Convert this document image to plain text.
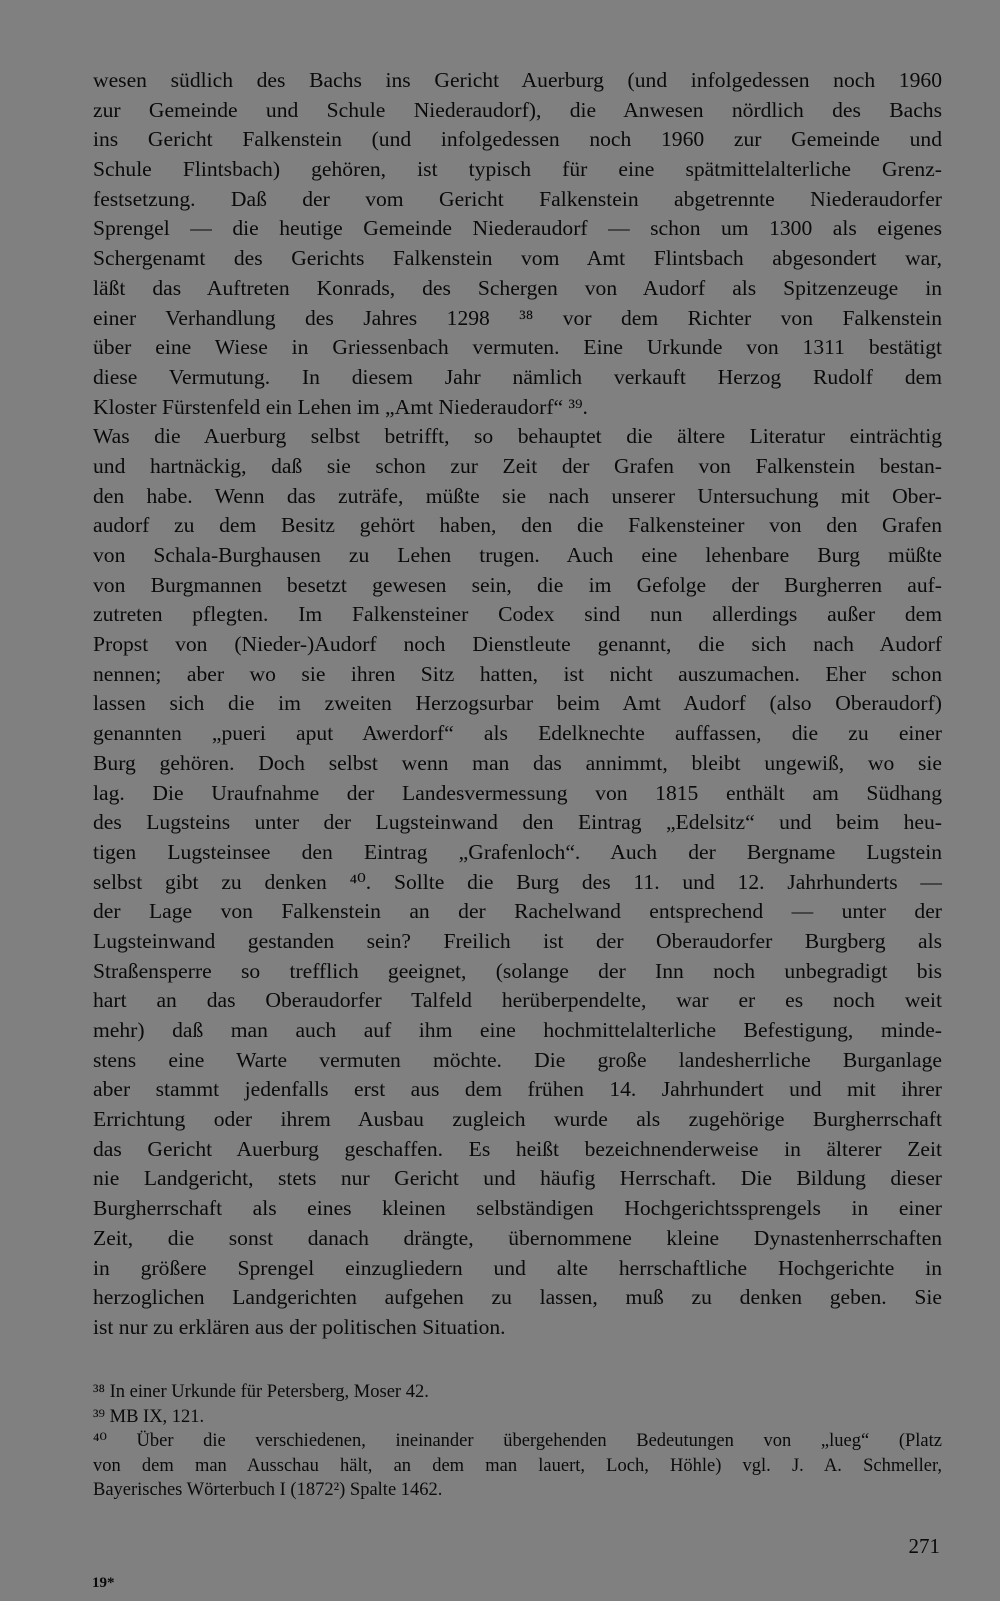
wesen südlich des Bachs ins Gericht Auerburg (und infolgedessen noch 1960
zur Gemeinde und Schule Niederaudorf), die Anwesen nördlich des Bachs
ins Gericht Falkenstein (und infolgedessen noch 1960 zur Gemeinde und
Schule Flintsbach) gehören, ist typisch für eine spätmittelalterliche Grenz-
festsetzung. Daß der vom Gericht Falkenstein abgetrennte Niederaudorfer
Sprengel — die heutige Gemeinde Niederaudorf — schon um 1300 als eigenes
Schergenamt des Gerichts Falkenstein vom Amt Flintsbach abgesondert war,
läßt das Auftreten Konrads, des Schergen von Audorf als Spitzenzeuge in
einer Verhandlung des Jahres 1298 ³⁸ vor dem Richter von Falkenstein
über eine Wiese in Griessenbach vermuten. Eine Urkunde von 1311 bestätigt
diese Vermutung. In diesem Jahr nämlich verkauft Herzog Rudolf dem
Kloster Fürstenfeld ein Lehen im „Amt Niederaudorf“ ³⁹.
Was die Auerburg selbst betrifft, so behauptet die ältere Literatur einträchtig
und hartnäckig, daß sie schon zur Zeit der Grafen von Falkenstein bestan-
den habe. Wenn das zuträfe, müßte sie nach unserer Untersuchung mit Ober-
audorf zu dem Besitz gehört haben, den die Falkensteiner von den Grafen
von Schala-Burghausen zu Lehen trugen. Auch eine lehenbare Burg müßte
von Burgmannen besetzt gewesen sein, die im Gefolge der Burgherren auf-
zutreten pflegten. Im Falkensteiner Codex sind nun allerdings außer dem
Propst von (Nieder-)Audorf noch Dienstleute genannt, die sich nach Audorf
nennen; aber wo sie ihren Sitz hatten, ist nicht auszumachen. Eher schon
lassen sich die im zweiten Herzogsurbar beim Amt Audorf (also Oberaudorf)
genannten „pueri aput Awerdorf“ als Edelknechte auffassen, die zu einer
Burg gehören. Doch selbst wenn man das annimmt, bleibt ungewiß, wo sie
lag. Die Uraufnahme der Landesvermessung von 1815 enthält am Südhang
des Lugsteins unter der Lugsteinwand den Eintrag „Edelsitz“ und beim heu-
tigen Lugsteinsee den Eintrag „Grafenloch“. Auch der Bergname Lugstein
selbst gibt zu denken ⁴⁰. Sollte die Burg des 11. und 12. Jahrhunderts —
der Lage von Falkenstein an der Rachelwand entsprechend — unter der
Lugsteinwand gestanden sein? Freilich ist der Oberaudorfer Burgberg als
Straßensperre so trefflich geeignet, (solange der Inn noch unbegradigt bis
hart an das Oberaudorfer Talfeld herüberpendelte, war er es noch weit
mehr) daß man auch auf ihm eine hochmittelalterliche Befestigung, minde-
stens eine Warte vermuten möchte. Die große landesherrliche Burganlage
aber stammt jedenfalls erst aus dem frühen 14. Jahrhundert und mit ihrer
Errichtung oder ihrem Ausbau zugleich wurde als zugehörige Burgherrschaft
das Gericht Auerburg geschaffen. Es heißt bezeichnenderweise in älterer Zeit
nie Landgericht, stets nur Gericht und häufig Herrschaft. Die Bildung dieser
Burgherrschaft als eines kleinen selbständigen Hochgerichtssprengels in einer
Zeit, die sonst danach drängte, übernommene kleine Dynastenherrschaften
in größere Sprengel einzugliedern und alte herrschaftliche Hochgerichte in
herzoglichen Landgerichten aufgehen zu lassen, muß zu denken geben. Sie
ist nur zu erklären aus der politischen Situation.
³⁸ In einer Urkunde für Petersberg, Moser 42.
³⁹ MB IX, 121.
⁴⁰ Über die verschiedenen, ineinander übergehenden Bedeutungen von „lueg“ (Platz
von dem man Ausschau hält, an dem man lauert, Loch, Höhle) vgl. J. A. Schmeller,
Bayerisches Wörterbuch I (1872²) Spalte 1462.
271
19*
